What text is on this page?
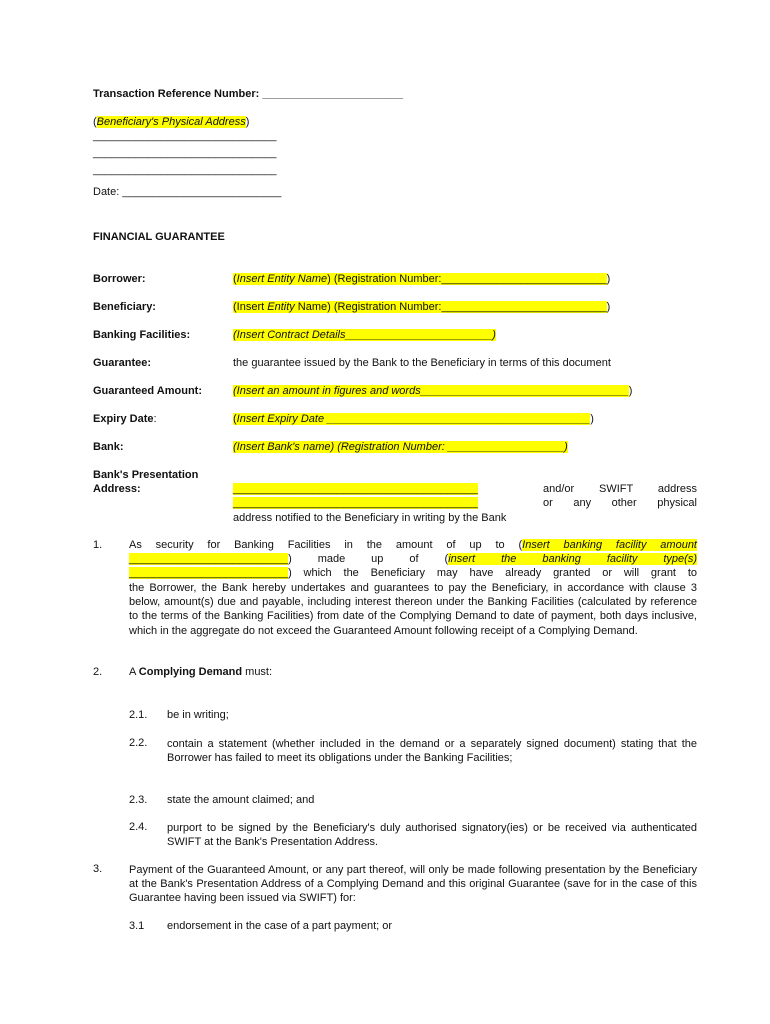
Transaction Reference Number: _______________________
(Beneficiary's Physical Address)
______________________________
______________________________
______________________________
Date: __________________________
FINANCIAL GUARANTEE
Borrower:	(Insert Entity Name) (Registration Number:___________________________)
Beneficiary:	(Insert Entity Name) (Registration Number:___________________________)
Banking Facilities:	(Insert Contract Details________________________)
Guarantee:	the guarantee issued by the Bank to the Beneficiary in terms of this document
Guaranteed Amount:	(Insert an amount in figures and words__________________________________)
Expiry Date:	(Insert Expiry Date ___________________________________________)
Bank:	(Insert Bank's name) (Registration Number: ___________________)
Bank's Presentation
Address:	________________________________________
________________________________________
and/or SWIFT address
or any other physical
address notified to the Beneficiary in writing by the Bank
1. As security for Banking Facilities in the amount of up to (Insert banking facility amount
__________________________) made up of (insert the banking facility type(s)
__________________________) which the Beneficiary may have already granted or will grant to
the Borrower, the Bank hereby undertakes and guarantees to pay the Beneficiary, in accordance with clause 3 below, amount(s) due and payable, including interest thereon under the Banking Facilities (calculated by reference to the terms of the Banking Facilities) from date of the Complying Demand to date of payment, both days inclusive, which in the aggregate do not exceed the Guaranteed Amount following receipt of a Complying Demand.
2. A Complying Demand must:
2.1. be in writing;
2.2. contain a statement (whether included in the demand or a separately signed document) stating that the Borrower has failed to meet its obligations under the Banking Facilities;
2.3. state the amount claimed; and
2.4. purport to be signed by the Beneficiary's duly authorised signatory(ies) or be received via authenticated SWIFT at the Bank's Presentation Address.
3. Payment of the Guaranteed Amount, or any part thereof, will only be made following presentation by the Beneficiary at the Bank's Presentation Address of a Complying Demand and this original Guarantee (save for in the case of this Guarantee having been issued via SWIFT) for:
3.1 endorsement in the case of a part payment; or
